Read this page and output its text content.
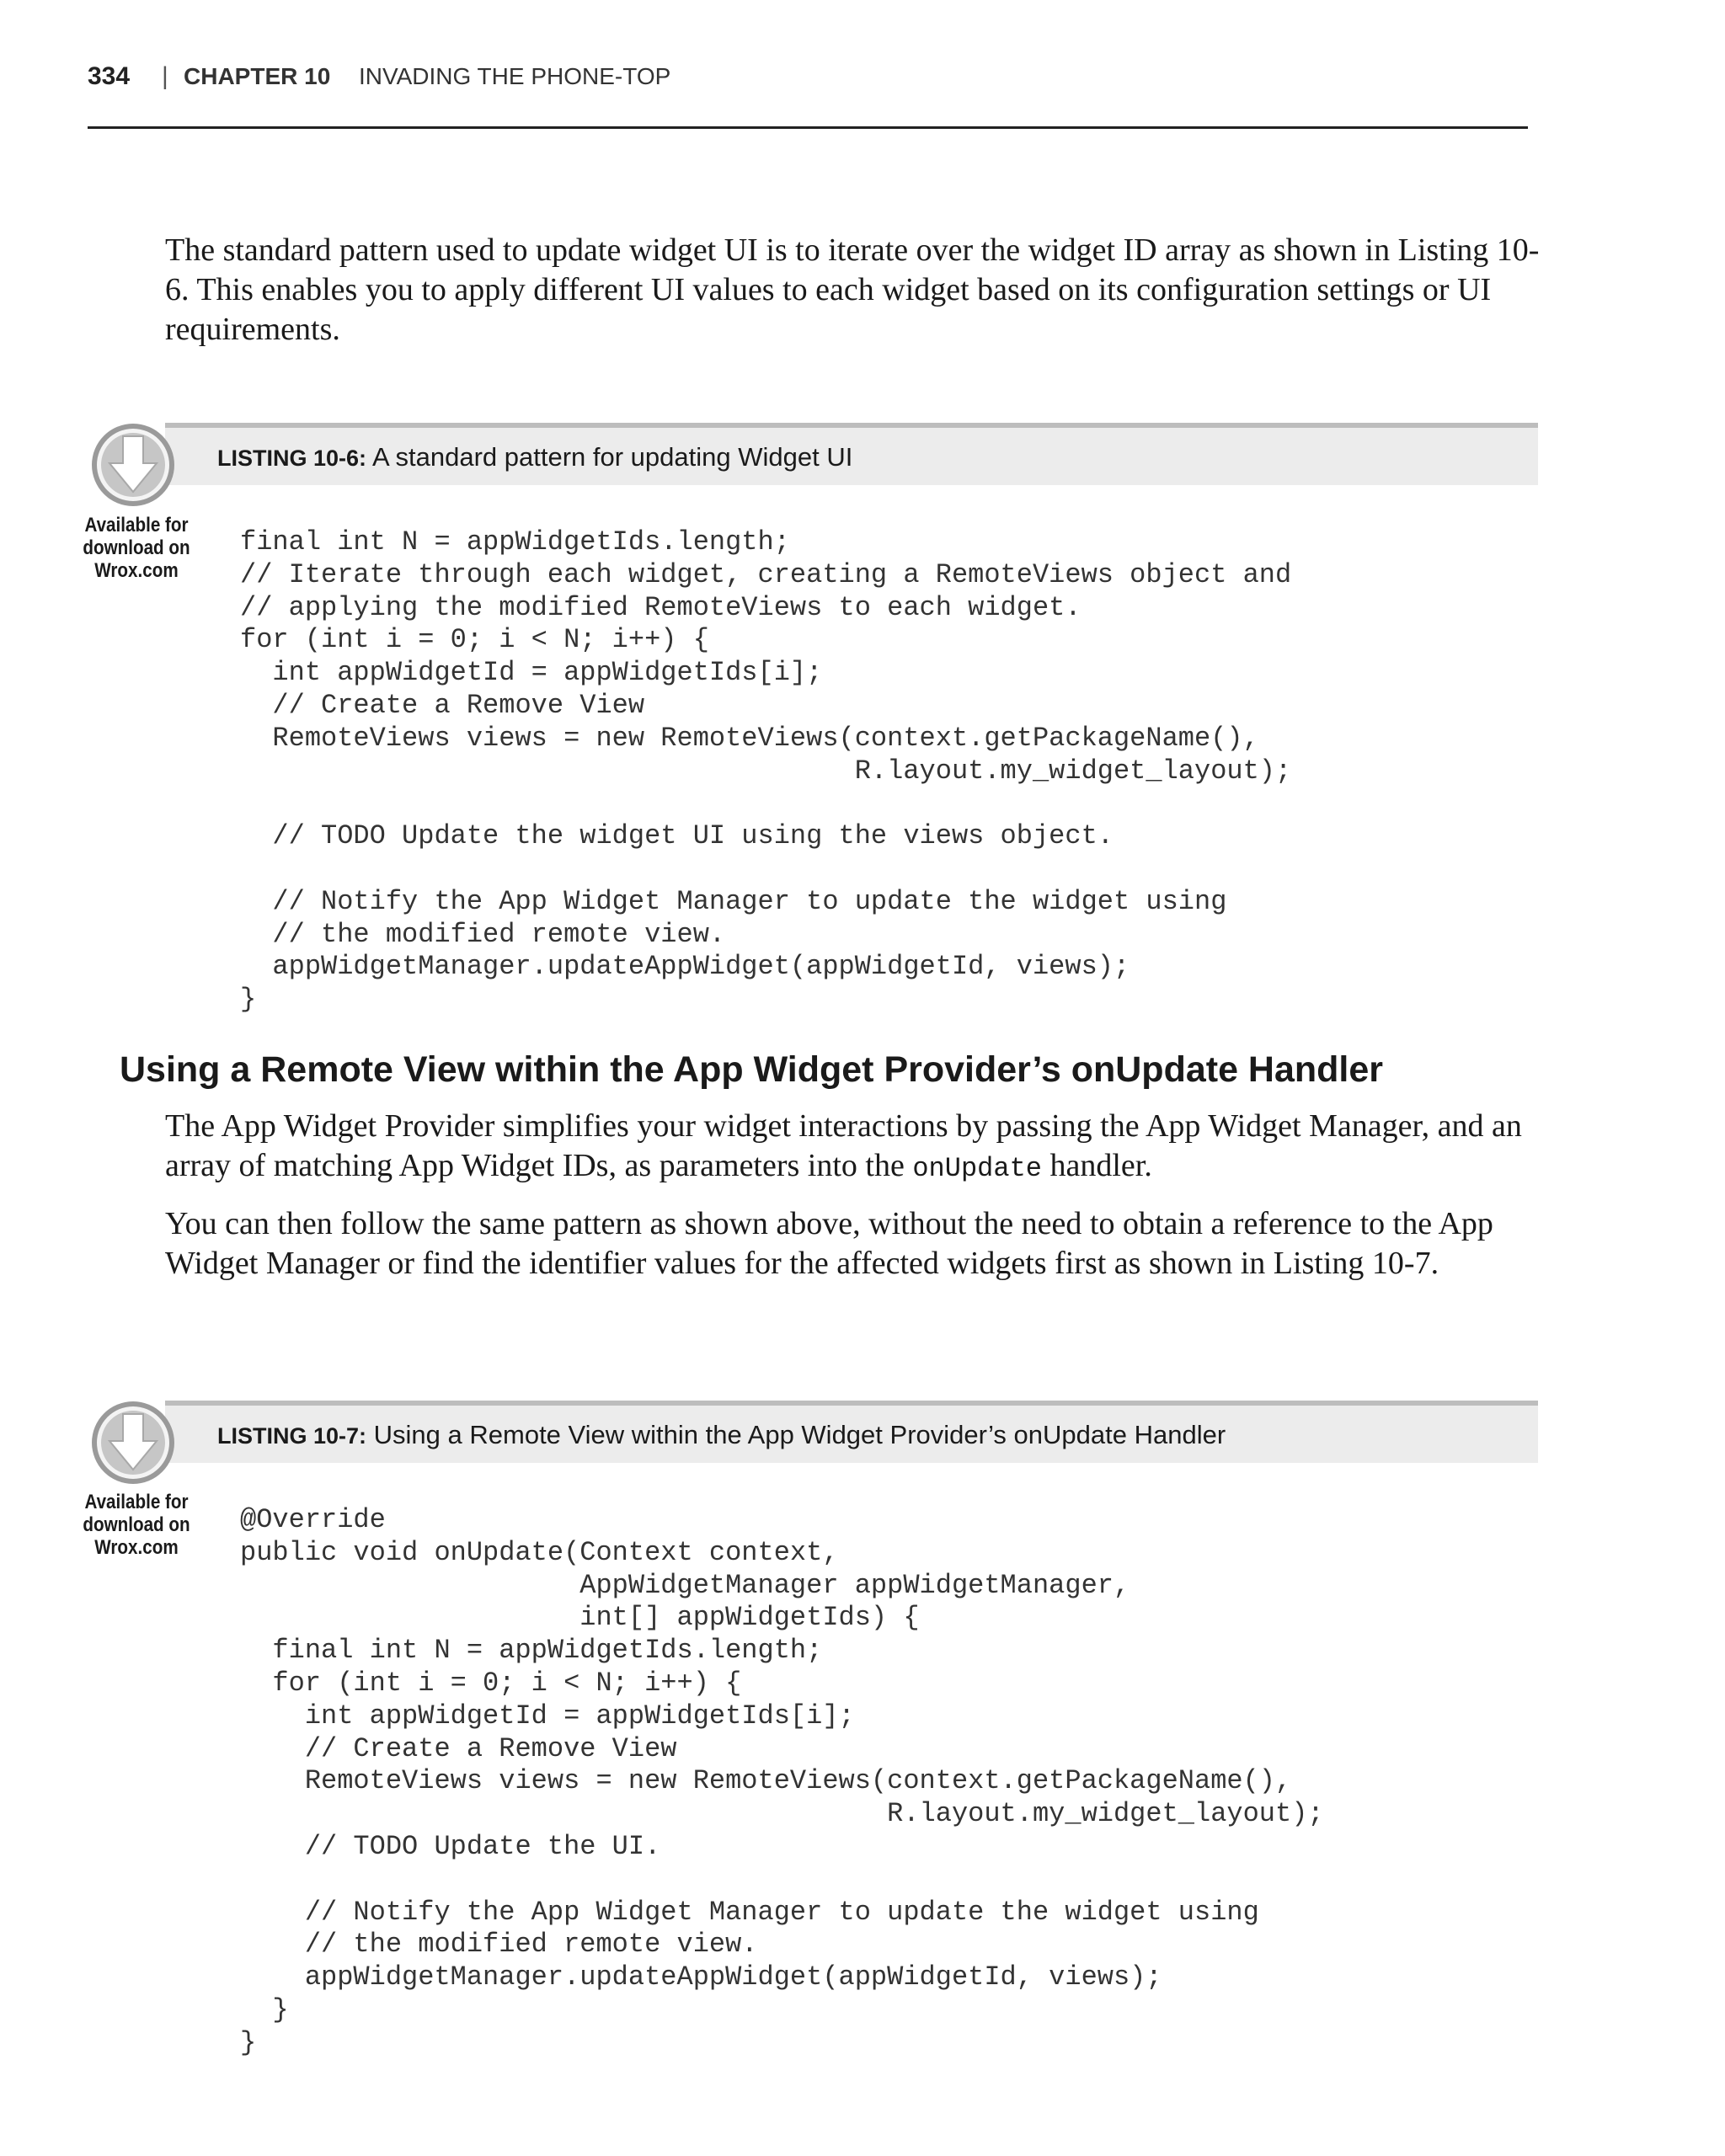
334 | CHAPTER 10 INVADING THE PHONE-TOP

The standard pattern used to update widget UI is to iterate over the widget ID array as shown in Listing 10-6. This enables you to apply different UI values to each widget based on its configuration settings or UI requirements.

LISTING 10-6: A standard pattern for updating Widget UI
Available for
download on
Wrox.com
final int N = appWidgetIds.length;
// Iterate through each widget, creating a RemoteViews object and
// applying the modified RemoteViews to each widget.
for (int i = 0; i < N; i++) {
int appWidgetId = appWidgetIds[i];
// Create a Remove View
RemoteViews views = new RemoteViews(context.getPackageName(),
R.layout.my_widget_layout);

// TODO Update the widget UI using the views object.

// Notify the App Widget Manager to update the widget using
// the modified remote view.
appWidgetManager.updateAppWidget(appWidgetId, views);
}
Using a Remote View within the App Widget Provider’s onUpdate Handler

The App Widget Provider simplifies your widget interactions by passing the App Widget Manager, and an array of matching App Widget IDs, as parameters into the onUpdate handler.

You can then follow the same pattern as shown above, without the need to obtain a reference to the App Widget Manager or find the identifier values for the affected widgets first as shown in Listing 10-7.

LISTING 10-7: Using a Remote View within the App Widget Provider’s onUpdate Handler
Available for
download on
Wrox.com
@Override
public void onUpdate(Context context,
AppWidgetManager appWidgetManager,
int[] appWidgetIds) {
final int N = appWidgetIds.length;
for (int i = 0; i < N; i++) {
int appWidgetId = appWidgetIds[i];
// Create a Remove View
RemoteViews views = new RemoteViews(context.getPackageName(),
R.layout.my_widget_layout);
// TODO Update the UI.

// Notify the App Widget Manager to update the widget using
// the modified remote view.
appWidgetManager.updateAppWidget(appWidgetId, views);
}
}
